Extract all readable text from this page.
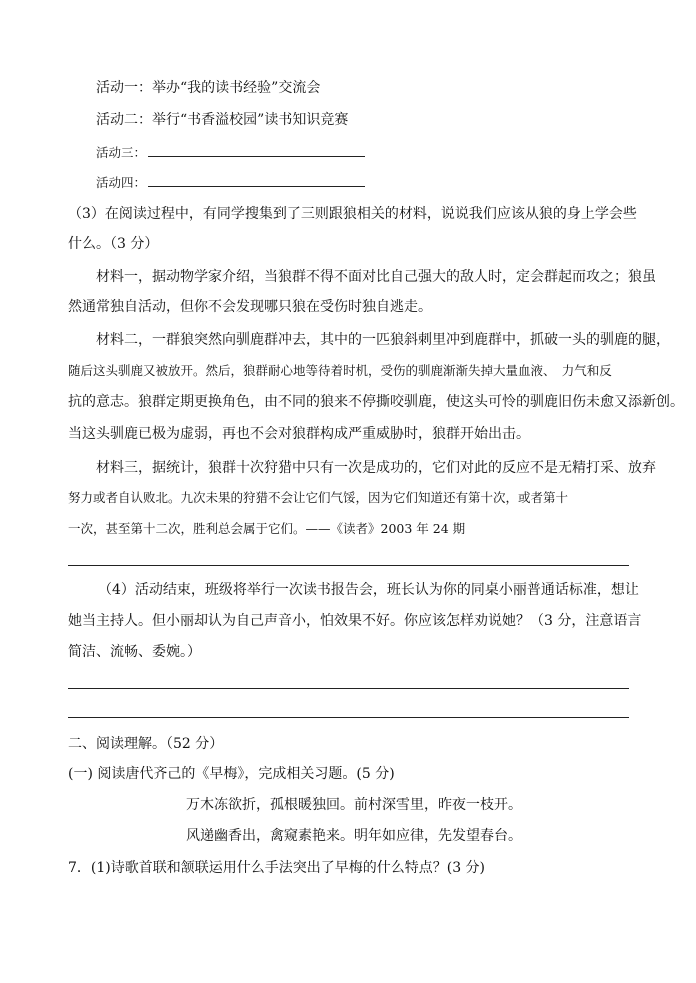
活动一：举办“我的读书经验”交流会
活动二：举行“书香溢校园”读书知识竞赛
活动三：
活动四：
（3）在阅读过程中，有同学搜集到了三则跟狼相关的材料，说说我们应该从狼的身上学会些
什么。（3 分）
材料一，据动物学家介绍，当狼群不得不面对比自己强大的敌人时，定会群起而攻之；狼虽
然通常独自活动，但你不会发现哪只狼在受伤时独自逃走。
材料二，一群狼突然向驯鹿群冲去，其中的一匹狼斜刺里冲到鹿群中，抓破一头的驯鹿的腿，
随后这头驯鹿又被放开。然后，狼群耐心地等待着时机，受伤的驯鹿渐渐失掉大量血液、　力气和反
抗的意志。狼群定期更换角色，由不同的狼来不停撕咬驯鹿，使这头可怜的驯鹿旧伤未愈又添新创。
当这头驯鹿已极为虚弱，再也不会对狼群构成严重威胁时，狼群开始出击。
材料三，据统计，狼群十次狩猎中只有一次是成功的，它们对此的反应不是无精打采、放弃
努力或者自认败北。九次未果的狩猎不会让它们气馁，因为它们知道还有第十次，或者第十
一次，甚至第十二次，胜利总会属于它们。——《读者》2003 年 24 期
（4）活动结束，班级将举行一次读书报告会，班长认为你的同桌小丽普通话标准，想让
她当主持人。但小丽却认为自己声音小，怕效果不好。你应该怎样劝说她？（3 分，注意语言
简洁、流畅、委婉。）
二、阅读理解。（52 分）
(一) 阅读唐代齐己的《早梅》，完成相关习题。(5 分)
万木冻欲折，孤根暖独回。前村深雪里，昨夜一枝开。
风递幽香出，禽窥素艳来。明年如应律，先发望春台。
7．(1)诗歌首联和颔联运用什么手法突出了早梅的什么特点？(3 分)
